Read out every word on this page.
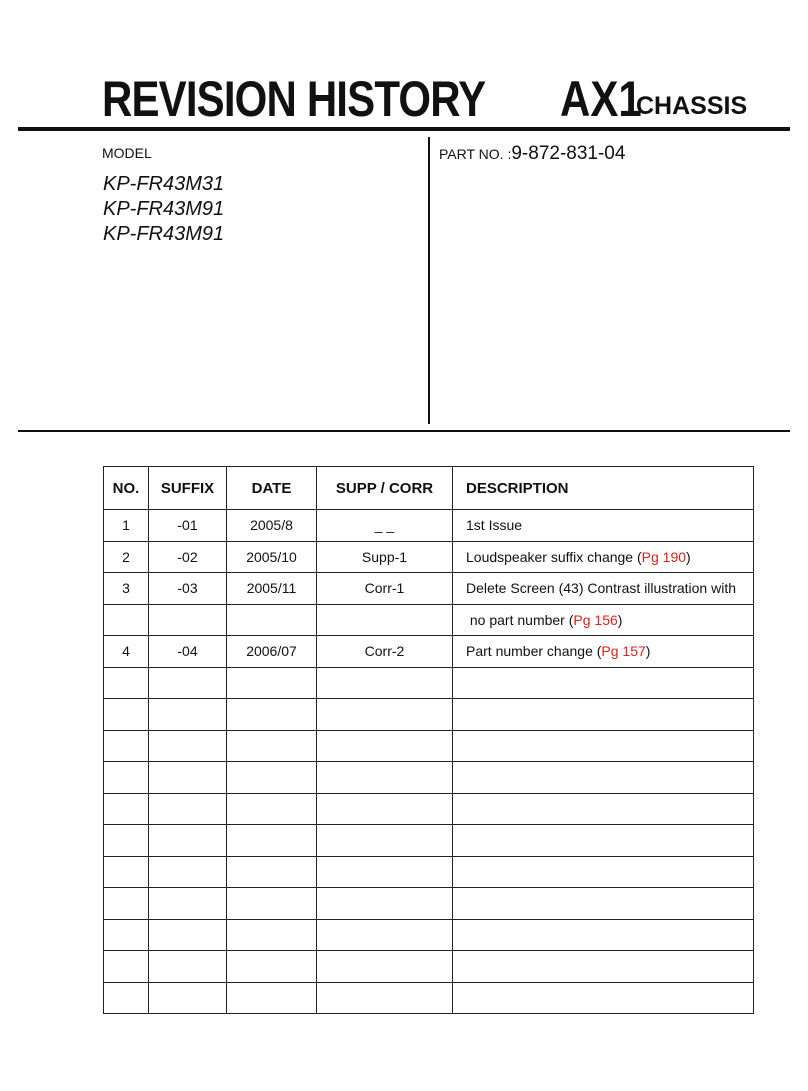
REVISION HISTORY AX1
CHASSIS
MODEL
KP-FR43M31
KP-FR43M91
KP-FR43M91
PART NO. :9-872-831-04
NO.	SUFFIX	DATE	SUPP / CORR	DESCRIPTION
1	-01	2005/8	_ _	1st Issue
2	-02	2005/10	Supp-1	Loudspeaker suffix change (Pg 190)
3	-03	2005/11	Corr-1	Delete Screen (43) Contrast illustration with
				no part number (Pg 156)
4	-04	2006/07	Corr-2	Part number change (Pg 157)
